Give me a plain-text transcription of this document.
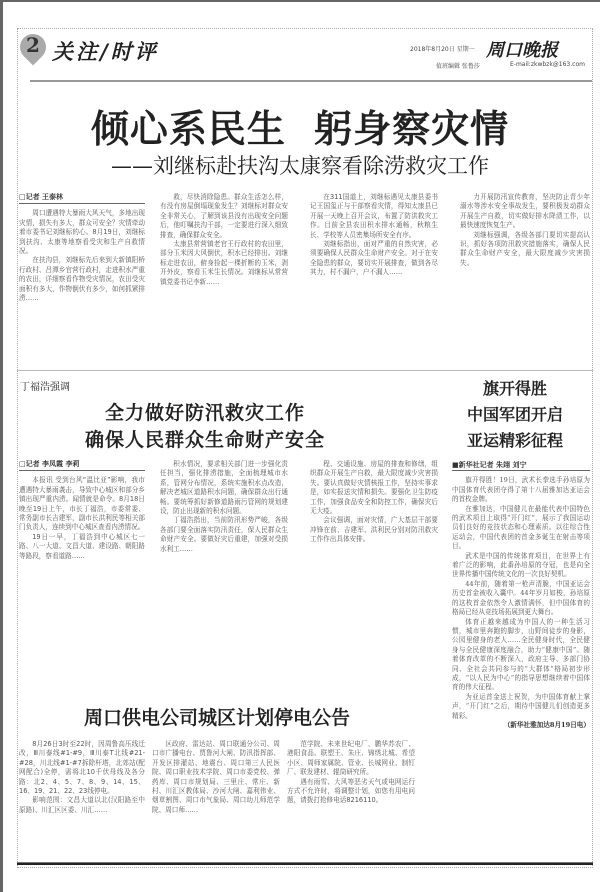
2 关注/时评	2018年8月20日 星期一 周口晚报
值班编辑 张鲁莎	E-mail:zkwbzk@163.com
倾心系民生 躬身察灾情
——刘继标赴扶沟太康察看除涝救灾工作
□记者 王泰林

周口遭遇特大暴雨大风天气，多地出现灾情，损失有多大，群众可安全？灾情牵动着市委书记刘继标的心。8月19日，刘继标到扶沟、太康等地察看受灾和生产自救情况。

在扶沟县，刘继标先后来到大新镇阳桥行政村、吕潭乡官营行政村，走进积水严重的农田，详细察看作物受灾情况，农田受灾面积有多大，作物倒伏有多少，如何抓紧排涝……

救，尽快消除隐患。群众生活怎么样，有没有房屋倒塌现象发生？刘继标对群众安全非常关心，了解到该县没有出现安全问题后，他叮嘱扶沟干部，一定要进行深入细致排查，确保群众安全。

太康县常营镇老官王行政村的农田里，部分玉米因大风倒伏，积水已经排出。刘继标走进农田，俯身捡起一棵折断的玉米，剥开外皮，察看玉米生长情况。刘继标从常营镇党委书记李新……

在311国道上，刘继标遇见太康县委书记王国玺正与干部察看灾情，得知太康县已开展一天晚上召开会议，布置了防洪救灾工作。目前全县农田积水排水通畅，秋粮生长、学校等人员密集场所安全有序。

刘继标指出，面对严重的自然灾害，必须要确保人民群众生命财产安全。对于在安全隐患的群众，要切实开展排查，做到各尽其力，村不漏户，户不漏人……

力开展防汛宣传教育，坚决防止青少年溺水等涉水安全事故发生，要积极发动群众开展生产自救，切实做好排水降渍工作，以最快速度恢复生产。

刘继标强调，各级各部门要切实提高认识，抓好各项防汛救灾措施落实，确保人民群众生命财产安全，最大限度减少灾害损失。

丁福浩强调
全力做好防汛救灾工作
确保人民群众生命财产安全
旗开得胜
中国军团开启
亚运精彩征程
□记者 李凤霞 李莉

本报讯 受到台风“温比亚”影响，我市遭遇特大暴雨袭击，导致中心城区和部分乡镇出现严重内涝。闻情就是命令。8月18日晚至19日上午，市长丁福浩，市委常委、常务副市长吉建军，副市长洪利民等相关部门负责人，连续到中心城区查看内涝情况。

19日一早，丁福浩到中心城区七一路、八一大道、文昌大道、建设路、朝阳路等路段，察看道路……

积水情况，要求相关部门进一步强化责任担当，强化排涝措施，全面梳理城市水系，管网分布情况，系统实施积水点改造，解决老城区道路积水问题，确保群众出行通畅。要统筹抓好新修道路雨污管网的规划建设，防止出现新的积水问题。

丁福浩指出，当前防汛形势严峻，各级各部门要全面落实防汛责任，保人民群众生命财产安全。要做好灾后重建，加强对受损水利工……

程、交通设施、房屋的排查和修缮，组织群众开展生产自救，最大限度减少灾害损失。要认真做好灾情核报工作，坚持实事求是，如实报送灾情和损失。要强化卫生防疫工作，加强食品安全和防控工作，确保灾后无大疫。

会议强调，面对灾情，广大基层干部要冲锋在前、吉建军、洪利民分别对防汛救灾工作作出具体安排。

■新华社记者 朱翊 刘宁

旗开得胜！19日，武术长拳选手孙培原为中国体育代表团夺得了第十八届雅加达亚运会的首枚金牌。

在雅加达，中国健儿在最能代表中国特色的武术项目上取得“开门红”，展示了我国运动员们良好的竞技状态和心理素质。以往综合性运动会，中国代表团的首金多诞生在射击等项目。

武术是中国的传统体育项目，在世界上有着广泛的影响，此番孙培原的夺冠，也是向全世界传播中国传统文化的一次良好契机。

44年前，随着第一枪声清脆，中国亚运会历史首金被收入囊中。44年岁月如梭，孙培原的这枚首金依然令人激情满怀，但中国体育的格局已经从竞技场拓展到更大舞台。

体育正越来越成为中国人的一种生活习惯，城市里奔跑的脚步，山野间徒步的身影，公园里健身的老人……全民健身时代，全民健身与全民健康深度融合，助力“健康中国”。随着体育改革的不断深入，政府主导、多部门协同、全社会共同参与的“大群体”格局初步形成，“以人民为中心”的指导思想继续着中国体育的伟大征程。

为亚运首金送上祝贺，为中国体育献上掌声，“开门红”之后，期待中国健儿们创造更多精彩。

（新华社雅加达8月19日电）
周口供电公司城区计划停电公告

8月26日3时至22时，因周鲁高压线迁改，Ⅲ川泰线#1-#9，Ⅲ川泰T北线#21-#28，川北线#1-#7拆除杆塔，北郊站(配网配合)全停，需将北10千伏母线及各分路：北2、4、5、7、8、9、14、15、16、19、21、22、23线停电。

影响范围：文昌大道以北(汉阳路至中原路)、川汇区区委、川汇……

区政府、雷达站、周口联通分公司、周口市广播电台、贾鲁河大闸、防汛指挥部、开发区排灌站、地震台、周口第三人民医院、周口职业技术学院、周口市委党校、弹药库、周口市规划局、三里庄、常庄、新村、川汇区教体局、沙河大闸、嘉利伟业、烟草割图、周口市气象局、周口幼儿师范学院、周口师……

范学院、未来世纪电厂、鹏华苏农厂、港阳食品、联塑王、朱庄、锦绣北城、希望小区、周师家属院、管业、长城网业、制钉厂、联发建材、辊筒研究所。

遇有雨雪、大风等恶劣天气或电网运行方式不允许时，将调整计划，如您有用电问题，请拨打抢修电话8216110。
